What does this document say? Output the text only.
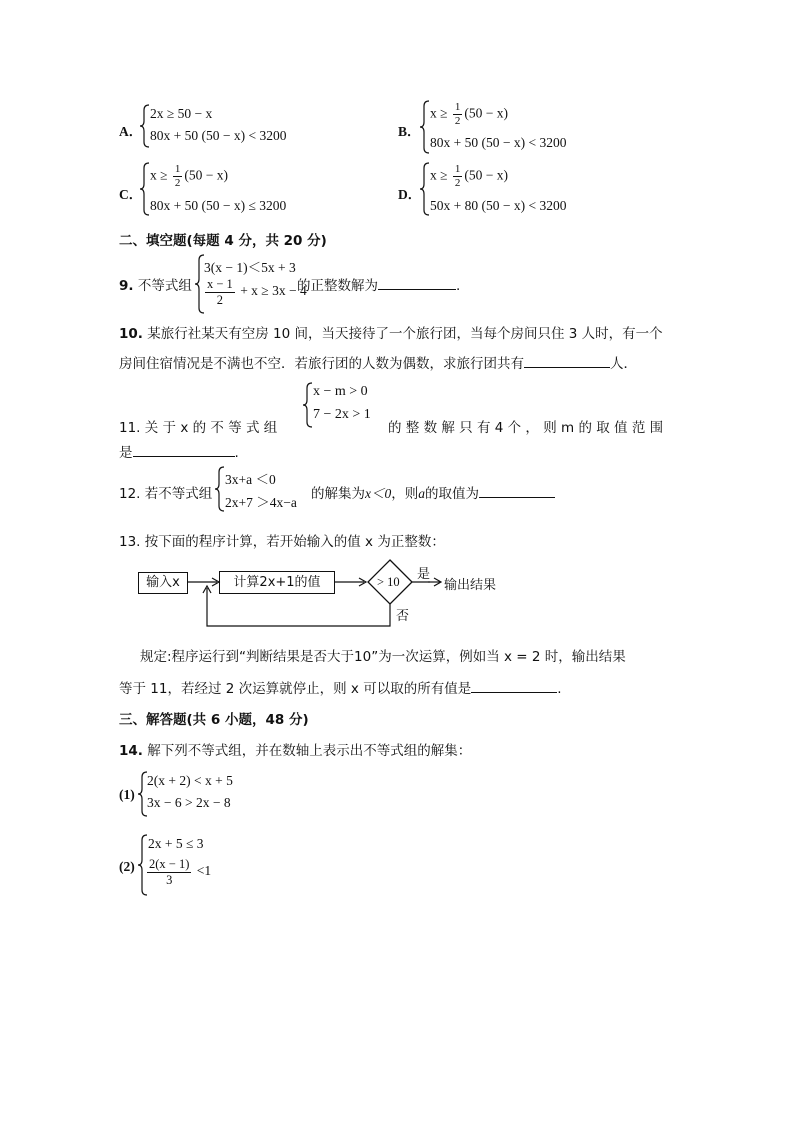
A．
2x ≥ 50 − x
80x + 50 (50 − x) < 3200	B．
$x \ge \frac{1}{2} (50 - x)$
80x + 50 (50 − x) < 3200
C．
$x \ge \frac{1}{2} (50 - x)$
80x + 50 (50 − x) ≤ 3200
D．
$x \ge \frac{1}{2} (50 - x)$
50x + 80 (50 − x) < 3200
二、填空题(每题 4 分，共 20 分)
9. 不等式组
3(x − 1)＜5x + 3
$\frac{x - 1}{2} + x \ge 3x - 4$
的正整数解为	.
10. 某旅行社某天有空房 10 间，当天接待了一个旅行团，当每个房间只住 3 人时，有一个
房间住宿情况是不满也不空．若旅行团的人数为偶数，求旅行团共有	人．
11. 关 于 x 的 不 等 式 组
x − m > 0
7 − 2x > 1
的 整 数 解 只 有 4 个 ， 则 m 的 取 值 范 围
是	.
12. 若不等式组
3x+a ＜0
2x+7 ＞4x−a
的解集为x＜0，则a的取值为
13. 按下面的程序计算，若开始输入的值 x 为正整数：
输入x	计算2x+1的值	> 10 是
输出结果
否
规定:程序运行到“判断结果是否大于10”为一次运算，例如当 x = 2 时，输出结果
等于 11，若经过 2 次运算就停止，则 x 可以取的所有值是	.
三、解答题(共 6 小题，48 分)
14. 解下列不等式组，并在数轴上表示出不等式组的解集：
(1)
2(x + 2) < x + 5
3x − 6 > 2x − 8
(2)
2x + 5 ≤ 3
$\frac{2(x - 1)}{3} <1$
